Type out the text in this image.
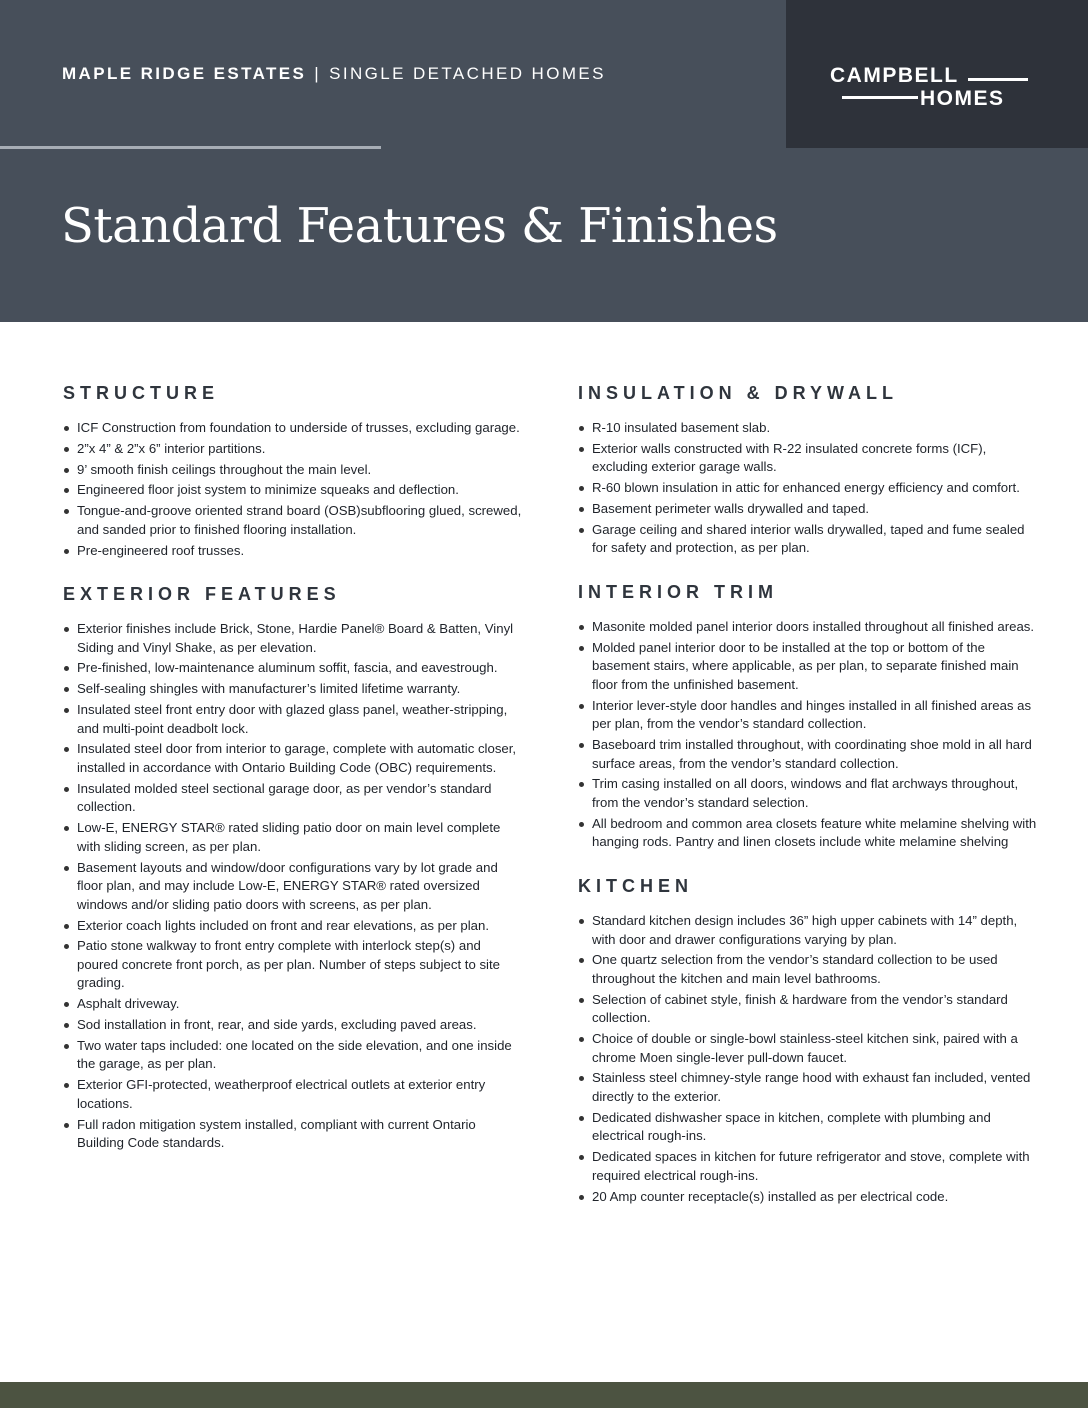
MAPLE RIDGE ESTATES | SINGLE DETACHED HOMES
Standard Features & Finishes
CAMPBELL
HOMES
STRUCTURE
ICF Construction from foundation to underside of trusses, excluding garage.
2”x 4” & 2”x 6” interior partitions.
9’ smooth finish ceilings throughout the main level.
Engineered floor joist system to minimize squeaks and deflection.
Tongue-and-groove oriented strand board (OSB)subflooring glued, screwed, and sanded prior to finished flooring installation.
Pre-engineered roof trusses.
EXTERIOR FEATURES
Exterior finishes include Brick, Stone, Hardie Panel® Board & Batten, Vinyl Siding and Vinyl Shake, as per elevation.
Pre-finished, low-maintenance aluminum soffit, fascia, and eavestrough.
Self-sealing shingles with manufacturer’s limited lifetime warranty.
Insulated steel front entry door with glazed glass panel, weather-stripping, and multi-point deadbolt lock.
Insulated steel door from interior to garage, complete with automatic closer, installed in accordance with Ontario Building Code (OBC) requirements.
Insulated molded steel sectional garage door, as per vendor’s standard collection.
Low-E, ENERGY STAR® rated sliding patio door on main level complete with sliding screen, as per plan.
Basement layouts and window/door configurations vary by lot grade and floor plan, and may include Low-E, ENERGY STAR® rated oversized windows and/or sliding patio doors with screens, as per plan.
Exterior coach lights included on front and rear elevations, as per plan.
Patio stone walkway to front entry complete with interlock step(s) and poured concrete front porch, as per plan. Number of steps subject to site grading.
Asphalt driveway.
Sod installation in front, rear, and side yards, excluding paved areas.
Two water taps included: one located on the side elevation, and one inside the garage, as per plan.
Exterior GFI-protected, weatherproof electrical outlets at exterior entry locations.
Full radon mitigation system installed, compliant with current Ontario Building Code standards.
INSULATION & DRYWALL
R-10 insulated basement slab.
Exterior walls constructed with R-22 insulated concrete forms (ICF), excluding exterior garage walls.
R-60 blown insulation in attic for enhanced energy efficiency and comfort.
Basement perimeter walls drywalled and taped.
Garage ceiling and shared interior walls drywalled, taped and fume sealed for safety and protection, as per plan.
INTERIOR TRIM
Masonite molded panel interior doors installed throughout all finished areas.
Molded panel interior door to be installed at the top or bottom of the basement stairs, where applicable, as per plan, to separate finished main floor from the unfinished basement.
Interior lever-style door handles and hinges installed in all finished areas as per plan, from the vendor’s standard collection.
Baseboard trim installed throughout, with coordinating shoe mold in all hard surface areas, from the vendor’s standard collection.
Trim casing installed on all doors, windows and flat archways throughout, from the vendor’s standard selection.
All bedroom and common area closets feature white melamine shelving with hanging rods. Pantry and linen closets include white melamine shelving
KITCHEN
Standard kitchen design includes 36” high upper cabinets with 14” depth, with door and drawer configurations varying by plan.
One quartz selection from the vendor’s standard collection to be used throughout the kitchen and main level bathrooms.
Selection of cabinet style, finish & hardware from the vendor’s standard collection.
Choice of double or single-bowl stainless-steel kitchen sink, paired with a chrome Moen single-lever pull-down faucet.
Stainless steel chimney-style range hood with exhaust fan included, vented directly to the exterior.
Dedicated dishwasher space in kitchen, complete with plumbing and electrical rough-ins.
Dedicated spaces in kitchen for future refrigerator and stove, complete with required electrical rough-ins.
20 Amp counter receptacle(s) installed as per electrical code.
